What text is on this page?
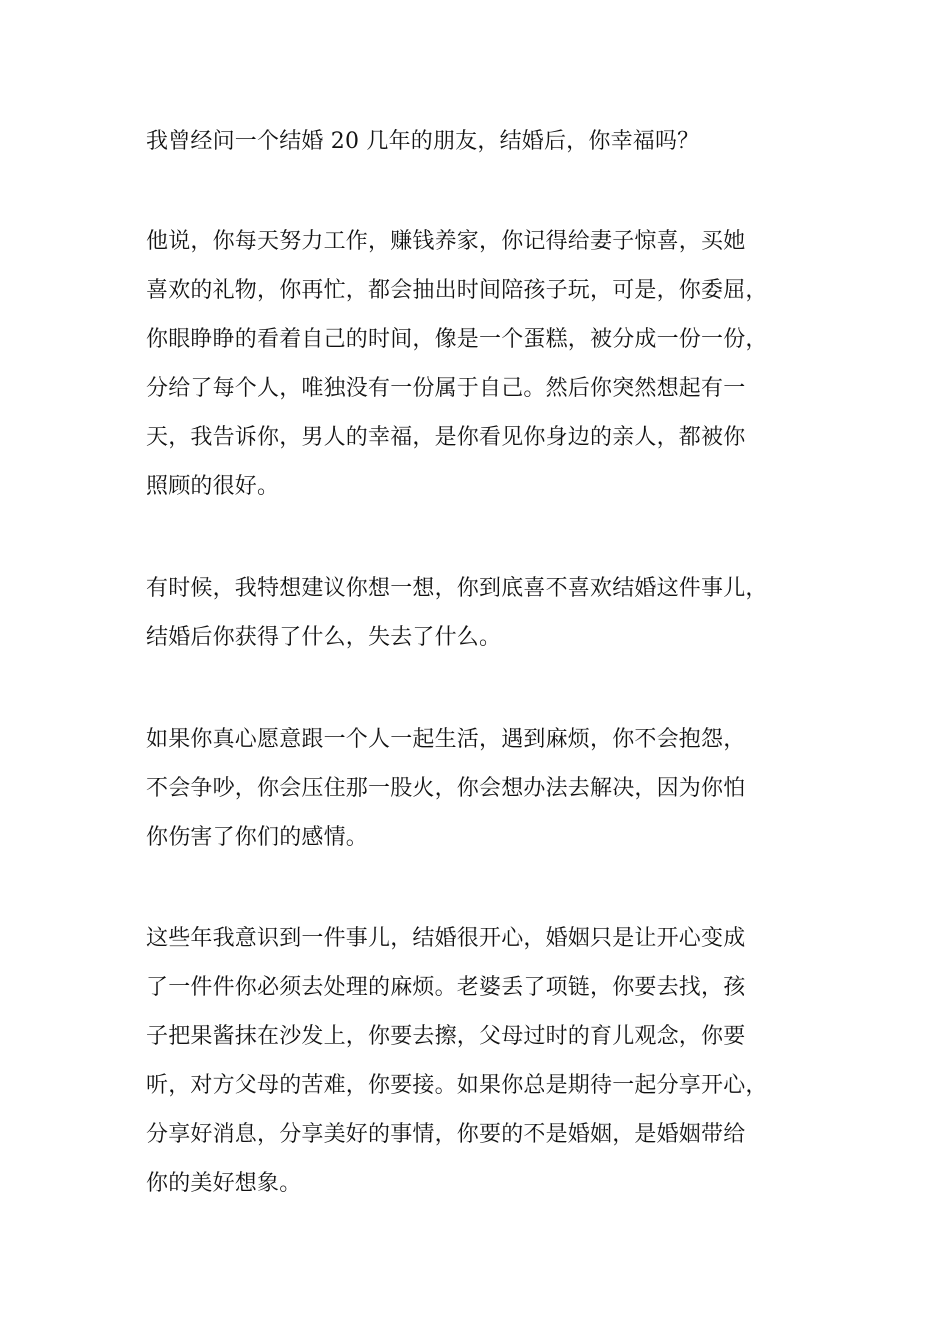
我曾经问一个结婚 20 几年的朋友，结婚后，你幸福吗？
他说，你每天努力工作，赚钱养家，你记得给妻子惊喜，买她
喜欢的礼物，你再忙，都会抽出时间陪孩子玩，可是，你委屈，
你眼睁睁的看着自己的时间，像是一个蛋糕，被分成一份一份，
分给了每个人，唯独没有一份属于自己。然后你突然想起有一
天，我告诉你，男人的幸福，是你看见你身边的亲人，都被你
照顾的很好。
有时候，我特想建议你想一想，你到底喜不喜欢结婚这件事儿，
结婚后你获得了什么，失去了什么。
如果你真心愿意跟一个人一起生活，遇到麻烦，你不会抱怨，
不会争吵，你会压住那一股火，你会想办法去解决，因为你怕
你伤害了你们的感情。
这些年我意识到一件事儿，结婚很开心，婚姻只是让开心变成
了一件件你必须去处理的麻烦。老婆丢了项链，你要去找，孩
子把果酱抹在沙发上，你要去擦，父母过时的育儿观念，你要
听，对方父母的苦难，你要接。如果你总是期待一起分享开心，
分享好消息，分享美好的事情，你要的不是婚姻，是婚姻带给
你的美好想象。
